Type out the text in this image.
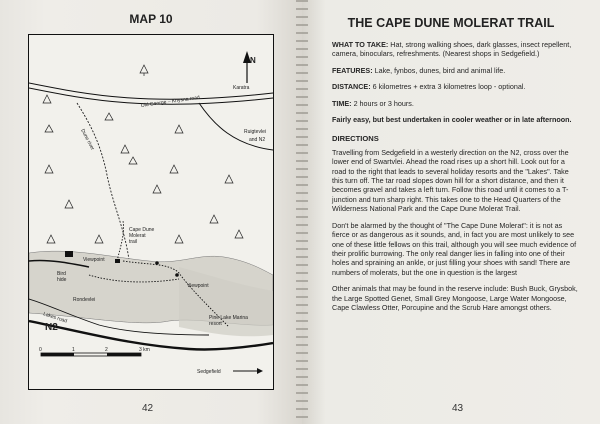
MAP 10
N
Old George – Knysna road
Karatra
Ruigtevlei
and N2
Dune river
Cape Dune
Molerat
trail
Viewpoint
Viewpoint
Bird
hide
Rondevlei
Lakes road
N2
Pine Lake Marina
resort
0	1	2	3 km
Sedgefield
42
THE CAPE DUNE MOLERAT TRAIL

WHAT TO TAKE: Hat, strong walking shoes, dark glasses, insect repellent, camera, binoculars, refreshments. (Nearest shops in Sedgefield.)

FEATURES: Lake, fynbos, dunes, bird and animal life.

DISTANCE: 6 kilometres + extra 3 kilometres loop - optional.

TIME: 2 hours or 3 hours.

Fairly easy, but best undertaken in cooler weather or in late afternoon.

DIRECTIONS

Travelling from Sedgefield in a westerly direction on the N2, cross over the lower end of Swartvlei. Ahead the road rises up a short hill. Look out for a road to the right that leads to several holiday resorts and the "Lakes". Take this turn off. The tar road slopes down hill for a short distance, and then it becomes gravel and takes a left turn. Follow this road until it comes to a T-junction and turn sharp right. This takes one to the Head Quarters of the Wilderness National Park and the Cape Dune Molerat Trail.

Don't be alarmed by the thought of "The Cape Dune Molerat": it is not as fierce or as dangerous as it sounds, and, in fact you are most unlikely to see one of these little fellows on this trail, although you will see much evidence of their prolific burrowing. The only real danger lies in falling into one of their holes and spraining an ankle, or just filling your shoes with sand! There are numbers of molerats, but the one in question is the largest

Other animals that may be found in the reserve include: Bush Buck, Grysbok, the Large Spotted Genet, Small Grey Mongoose, Large Water Mongoose, Cape Clawless Otter, Porcupine and the Scrub Hare amongst others.

43
